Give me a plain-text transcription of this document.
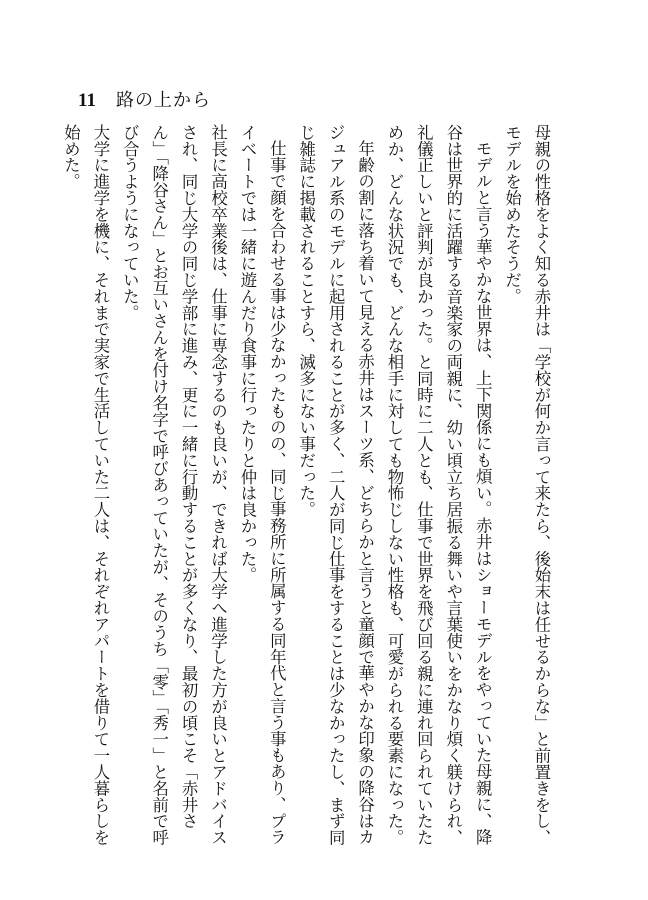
11 路の上から

母親の性格をよく知る赤井は「学校が何か言って来たら、後始末は任せるからな」と前置きをし、モデルを始めたそうだ。

モデルと言う華やかな世界は、上下関係にも煩い。赤井はショーモデルをやっていた母親に、降谷は世界的に活躍する音楽家の両親に、幼い頃立ち居振る舞いや言葉使いをかなり煩く躾けられ、礼儀正しいと評判が良かった。と同時に二人とも、仕事で世界を飛び回る親に連れ回られていたためか、どんな状況でも、どんな相手に対しても物怖じしない性格も、可愛がられる要素になった。

年齢の割に落ち着いて見える赤井はスーツ系、どちらかと言うと童顔で華やかな印象の降谷はカジュアル系のモデルに起用されることが多く、二人が同じ仕事をすることは少なかったし、まず同じ雑誌に掲載されることすら、滅多にない事だった。

仕事で顔を合わせる事は少なかったものの、同じ事務所に所属する同年代と言う事もあり、プライベートでは一緒に遊んだり食事に行ったりと仲は良かった。

社長に高校卒業後は、仕事に専念するのも良いが、できれば大学へ進学した方が良いとアドバイスされ、同じ大学の同じ学部に進み、更に一緒に行動することが多くなり、最初の頃こそ「赤井さん」「降谷さん」とお互いさんを付け名字で呼びあっていたが、そのうち「零」「秀一」と名前で呼び合うようになっていた。

大学に進学を機に、それまで実家で生活していた二人は、それぞれアパートを借りて一人暮らしを始めた。
